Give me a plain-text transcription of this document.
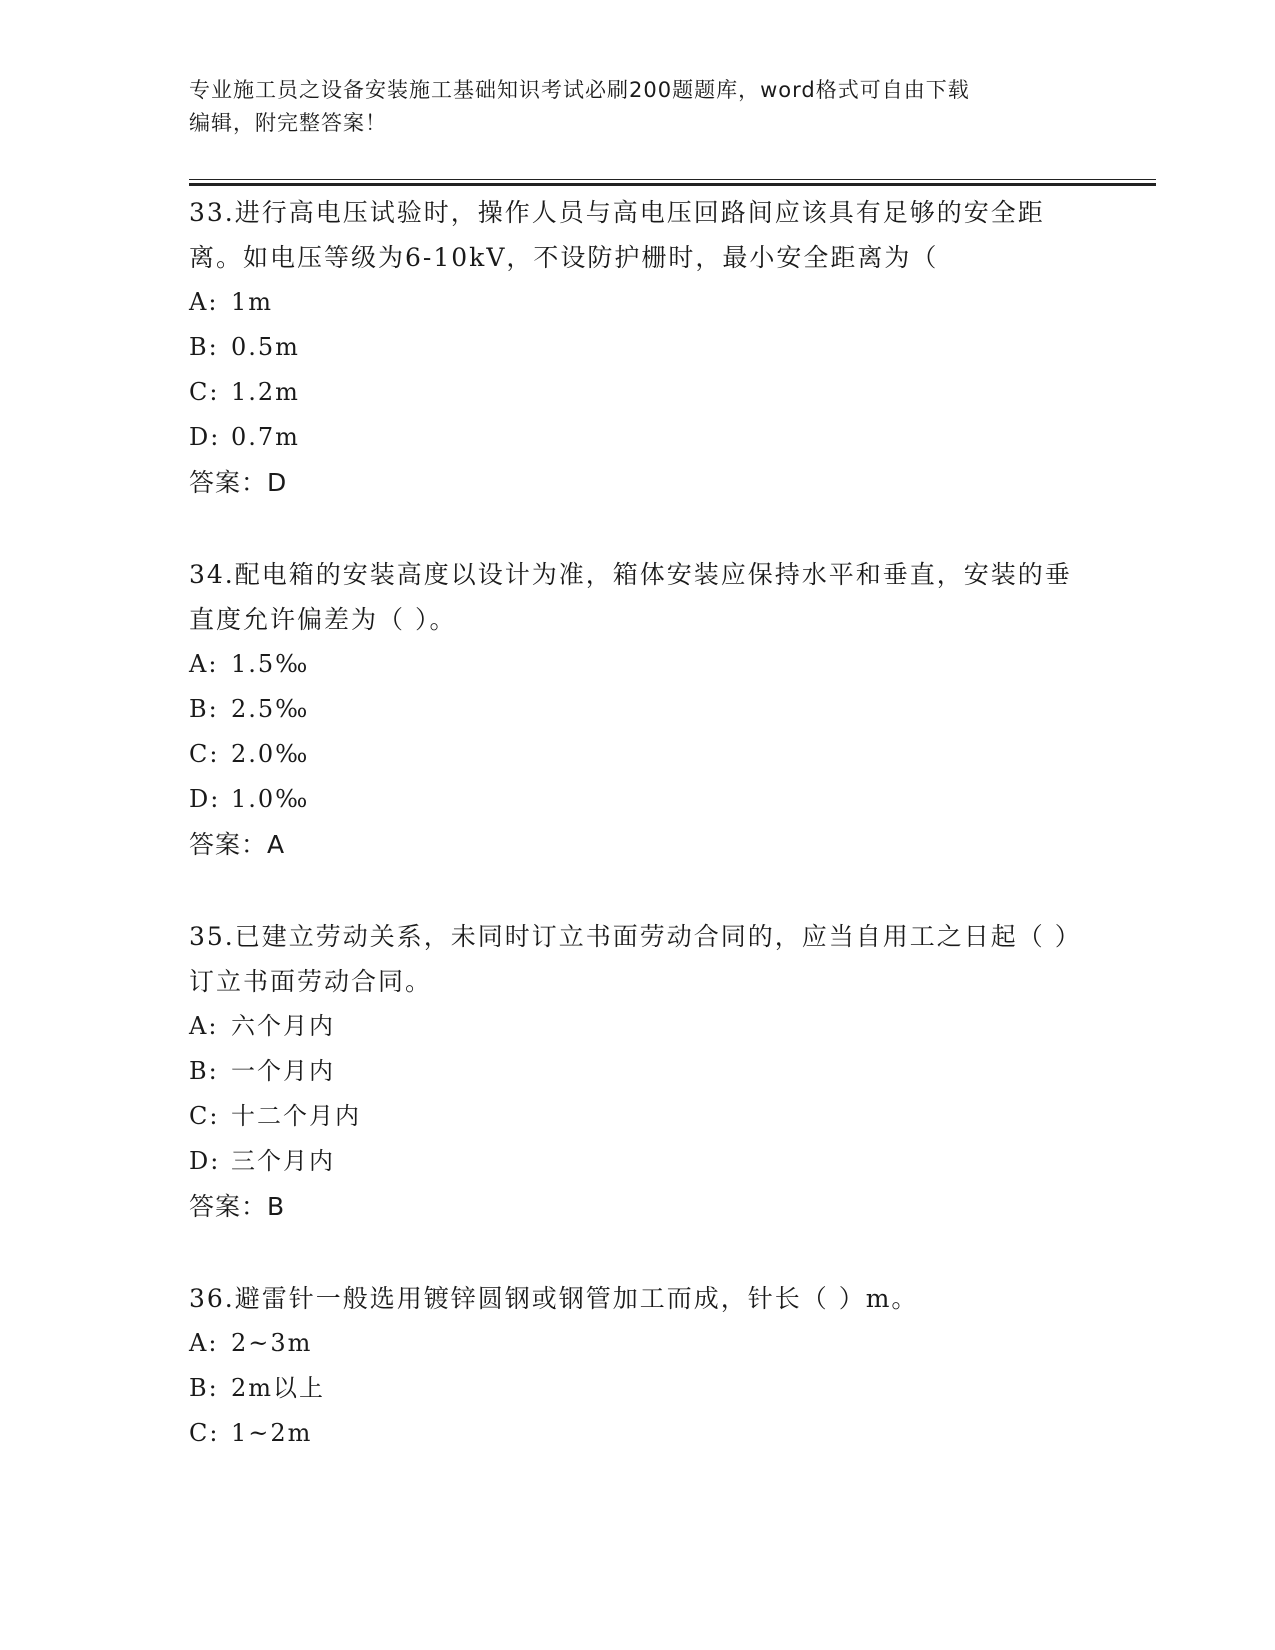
专业施工员之设备安装施工基础知识考试必刷200题题库，word格式可自由下载
编辑，附完整答案！
33.进行高电压试验时，操作人员与高电压回路间应该具有足够的安全距离。如电压等级为6-10kV，不设防护栅时，最小安全距离为（
A: 1m
B: 0.5m
C: 1.2m
D: 0.7m
答案：D
34.配电箱的安装高度以设计为准，箱体安装应保持水平和垂直，安装的垂直度允许偏差为（ ）。
A: 1.5‰
B: 2.5‰
C: 2.0‰
D: 1.0‰
答案：A
35.已建立劳动关系，未同时订立书面劳动合同的，应当自用工之日起（ ）订立书面劳动合同。
A: 六个月内
B: 一个月内
C: 十二个月内
D: 三个月内
答案：B
36.避雷针一般选用镀锌圆钢或钢管加工而成，针长（ ）m。
A: 2~3m
B: 2m以上
C: 1~2m
